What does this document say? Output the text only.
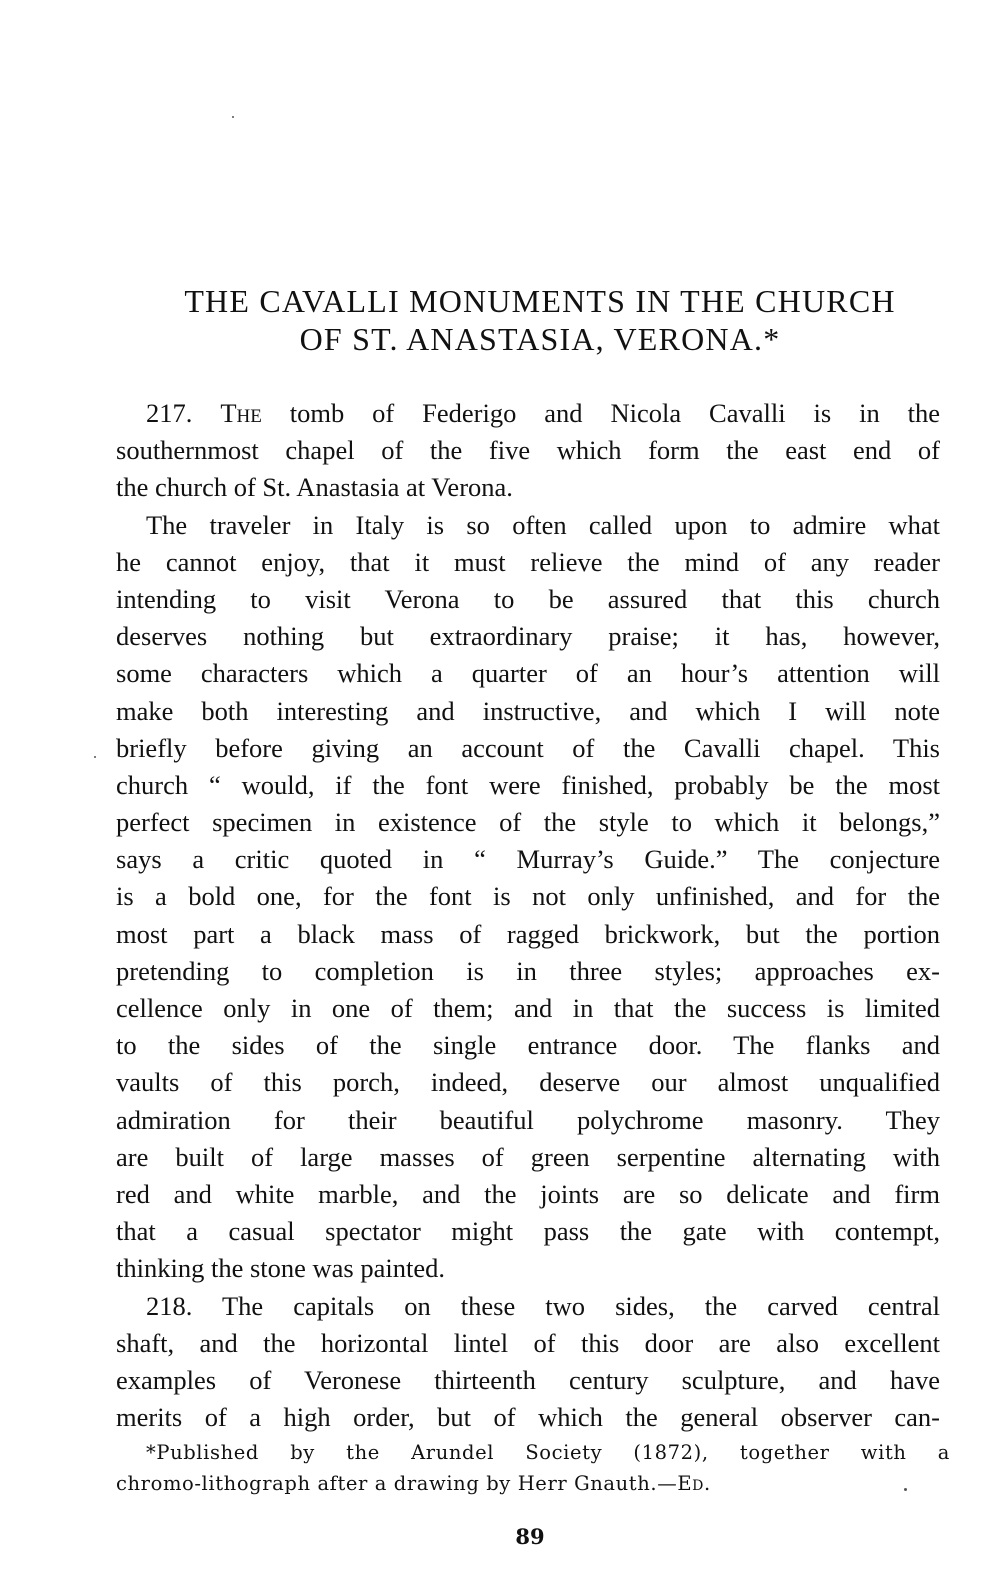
THE CAVALLI MONUMENTS IN THE CHURCH
OF ST. ANASTASIA, VERONA.*
217. The tomb of Federigo and Nicola Cavalli is in the
southernmost chapel of the five which form the east end of
the church of St. Anastasia at Verona.
The traveler in Italy is so often called upon to admire what
he cannot enjoy, that it must relieve the mind of any reader
intending to visit Verona to be assured that this church
deserves nothing but extraordinary praise; it has, however,
some characters which a quarter of an hour’s attention will
make both interesting and instructive, and which I will note
briefly before giving an account of the Cavalli chapel. This
church “ would, if the font were finished, probably be the most
perfect specimen in existence of the style to which it belongs,”
says a critic quoted in “ Murray’s Guide.” The conjecture
is a bold one, for the font is not only unfinished, and for the
most part a black mass of ragged brickwork, but the portion
pretending to completion is in three styles; approaches ex-
cellence only in one of them; and in that the success is limited
to the sides of the single entrance door. The flanks and
vaults of this porch, indeed, deserve our almost unqualified
admiration for their beautiful polychrome masonry. They
are built of large masses of green serpentine alternating with
red and white marble, and the joints are so delicate and firm
that a casual spectator might pass the gate with contempt,
thinking the stone was painted.
218. The capitals on these two sides, the carved central
shaft, and the horizontal lintel of this door are also excellent
examples of Veronese thirteenth century sculpture, and have
merits of a high order, but of which the general observer can-
*Published by the Arundel Society (1872), together with a
chromo-lithograph after a drawing by Herr Gnauth.—Ed.
89
